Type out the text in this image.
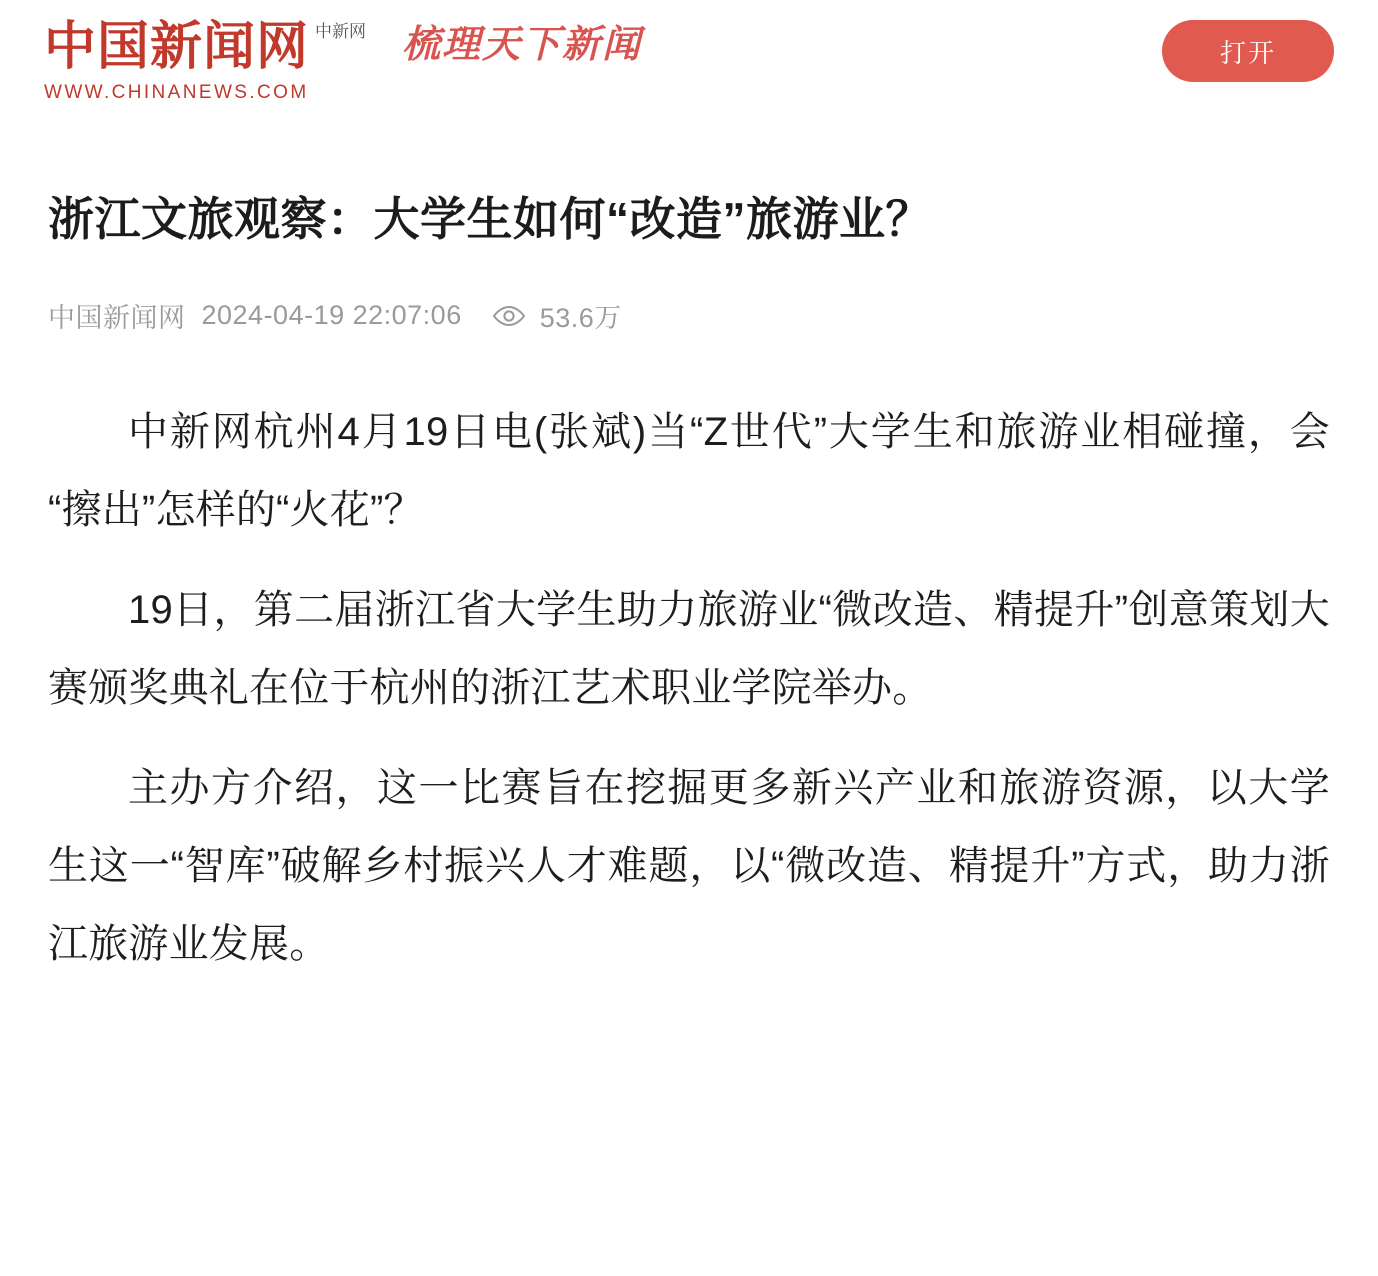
中国新闻网
WWW.CHINANEWS.COM
中新网 梳理天下新闻	打开
浙江文旅观察：大学生如何“改造”旅游业？
中国新闻网 2024-04-19 22:07:06	53.6万

中新网杭州4月19日电(张斌)当“Z世代”大学生和旅游业相碰撞，会“擦出”怎样的“火花”？

19日，第二届浙江省大学生助力旅游业“微改造、精提升”创意策划大赛颁奖典礼在位于杭州的浙江艺术职业学院举办。

主办方介绍，这一比赛旨在挖掘更多新兴产业和旅游资源，以大学生这一“智库”破解乡村振兴人才难题，以“微改造、精提升”方式，助力浙江旅游业发展。
